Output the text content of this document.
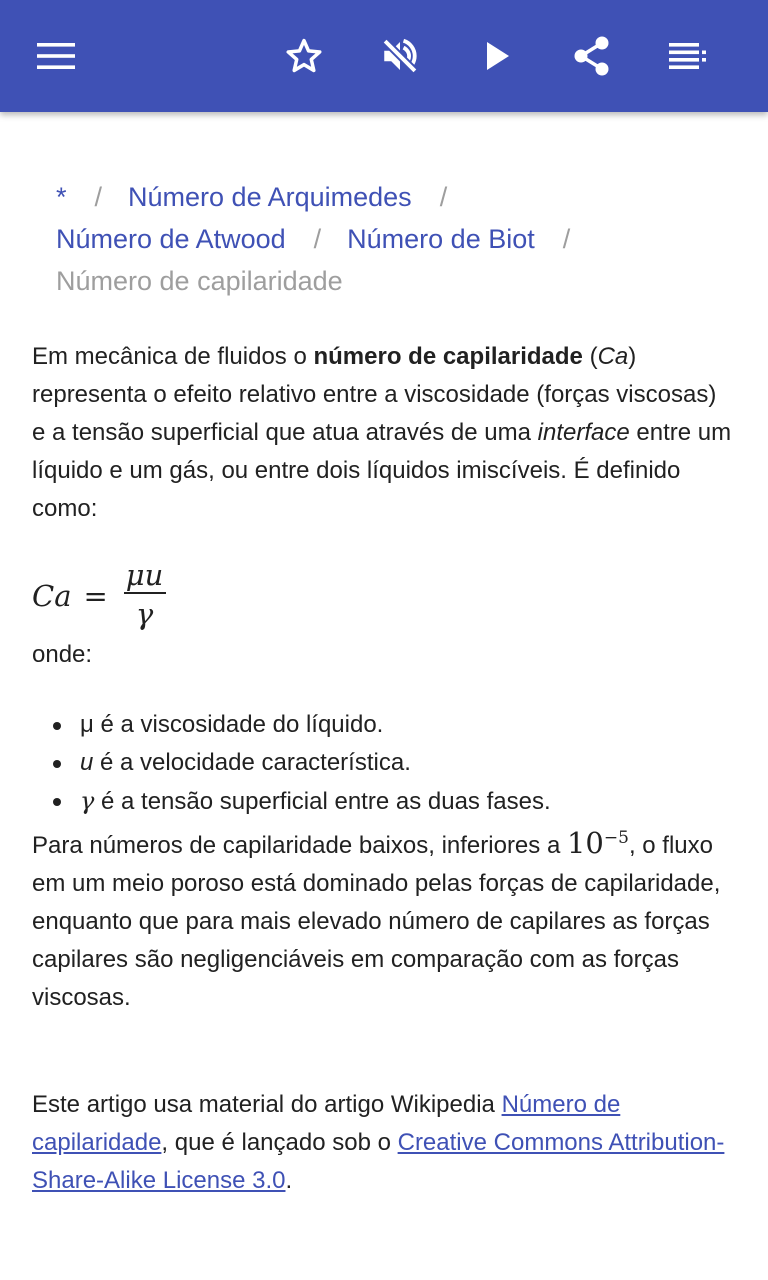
* / Número de Arquimedes /
Número de Atwood / Número de Biot /
Número de capilaridade

Em mecânica de fluidos o número de capilaridade (Ca) representa o efeito relativo entre a viscosidade (forças viscosas) e a tensão superficial que atua através de uma interface entre um líquido e um gás, ou entre dois líquidos imiscíveis. É definido como:

$Ca = \frac{\mu u}{\gamma}$
onde:
μ é a viscosidade do líquido.
u é a velocidade característica.
γ é a tensão superficial entre as duas fases.
Para números de capilaridade baixos, inferiores a $10^{-5}$, o fluxo em um meio poroso está dominado pelas forças de capilaridade, enquanto que para mais elevado número de capilares as forças capilares são negligenciáveis em comparação com as forças viscosas.
Este artigo usa material do artigo Wikipedia Número de capilaridade, que é lançado sob o Creative Commons Attribution-Share-Alike License 3.0.
